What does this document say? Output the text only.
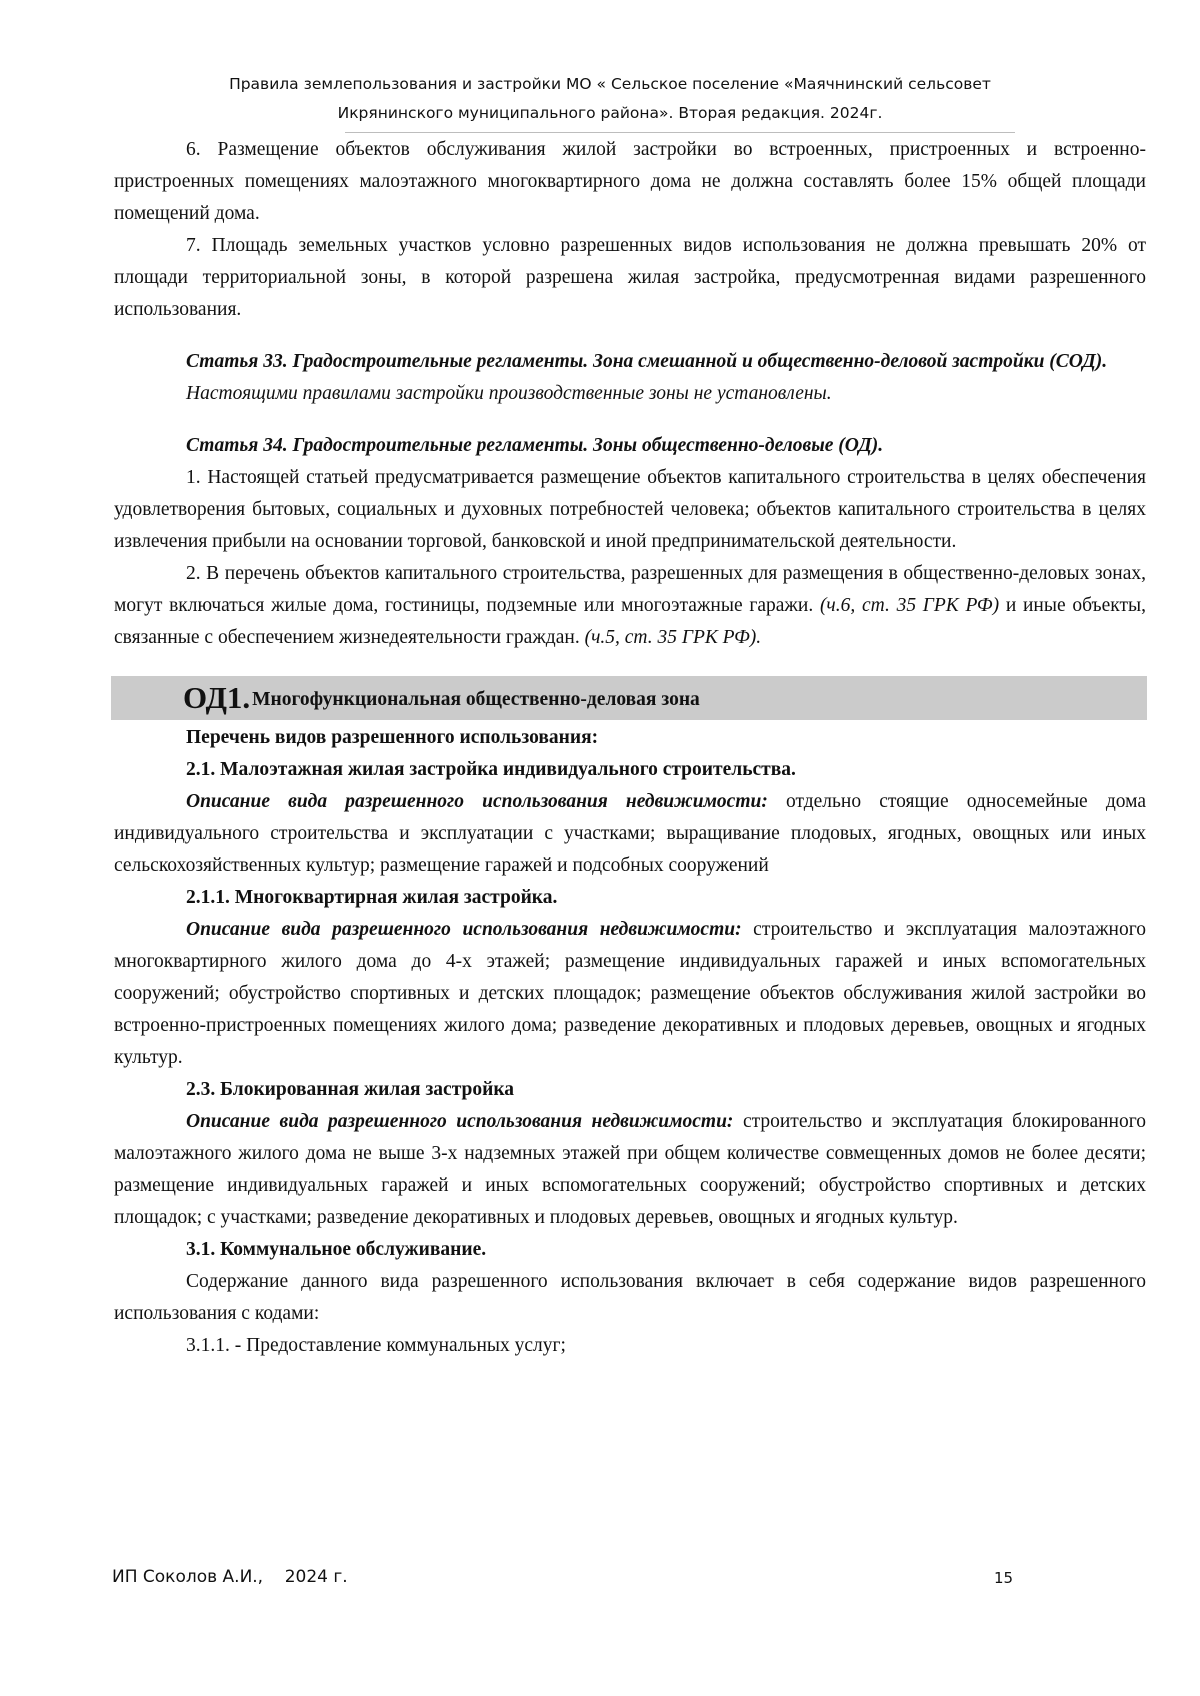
Правила землепользования и застройки МО « Сельское поселение «Маячнинский сельсовет
Икрянинского муниципального района». Вторая редакция. 2024г.

6. Размещение объектов обслуживания жилой застройки во встроенных, пристроенных и встроенно-пристроенных помещениях малоэтажного многоквартирного дома не должна составлять более 15% общей площади помещений дома.

7. Площадь земельных участков условно разрешенных видов использования не должна превышать 20% от площади территориальной зоны, в которой разрешена жилая застройка, предусмотренная видами разрешенного использования.

Статья 33. Градостроительные регламенты. Зона смешанной и общественно-деловой застройки (СОД).

Настоящими правилами застройки производственные зоны не установлены.

Статья 34. Градостроительные регламенты. Зоны общественно-деловые (ОД).

1. Настоящей статьей предусматривается размещение объектов капитального строительства в целях обеспечения удовлетворения бытовых, социальных и духовных потребностей человека; объектов капитального строительства в целях извлечения прибыли на основании торговой, банковской и иной предпринимательской деятельности.

2. В перечень объектов капитального строительства, разрешенных для размещения в общественно-деловых зонах, могут включаться жилые дома, гостиницы, подземные или многоэтажные гаражи. (ч.6, ст. 35 ГРК РФ) и иные объекты, связанные с обеспечением жизнедеятельности граждан. (ч.5, ст. 35 ГРК РФ).

ОД1. Многофункциональная общественно-деловая зона

Перечень видов разрешенного использования:

2.1. Малоэтажная жилая застройка индивидуального строительства.

Описание вида разрешенного использования недвижимости: отдельно стоящие односемейные дома индивидуального строительства и эксплуатации с участками; выращивание плодовых, ягодных, овощных или иных сельскохозяйственных культур; размещение гаражей и подсобных сооружений

2.1.1. Многоквартирная жилая застройка.

Описание вида разрешенного использования недвижимости: строительство и эксплуатация малоэтажного многоквартирного жилого дома до 4-х этажей; размещение индивидуальных гаражей и иных вспомогательных сооружений; обустройство спортивных и детских площадок; размещение объектов обслуживания жилой застройки во встроенно-пристроенных помещениях жилого дома; разведение декоративных и плодовых деревьев, овощных и ягодных культур.

2.3. Блокированная жилая застройка

Описание вида разрешенного использования недвижимости: строительство и эксплуатация блокированного малоэтажного жилого дома не выше 3-х надземных этажей при общем количестве совмещенных домов не более десяти; размещение индивидуальных гаражей и иных вспомогательных сооружений; обустройство спортивных и детских площадок; с участками; разведение декоративных и плодовых деревьев, овощных и ягодных культур.

3.1. Коммунальное обслуживание.

Содержание данного вида разрешенного использования включает в себя содержание видов разрешенного использования с кодами:

3.1.1. - Предоставление коммунальных услуг;

ИП Соколов А.И.,    2024 г.	15
